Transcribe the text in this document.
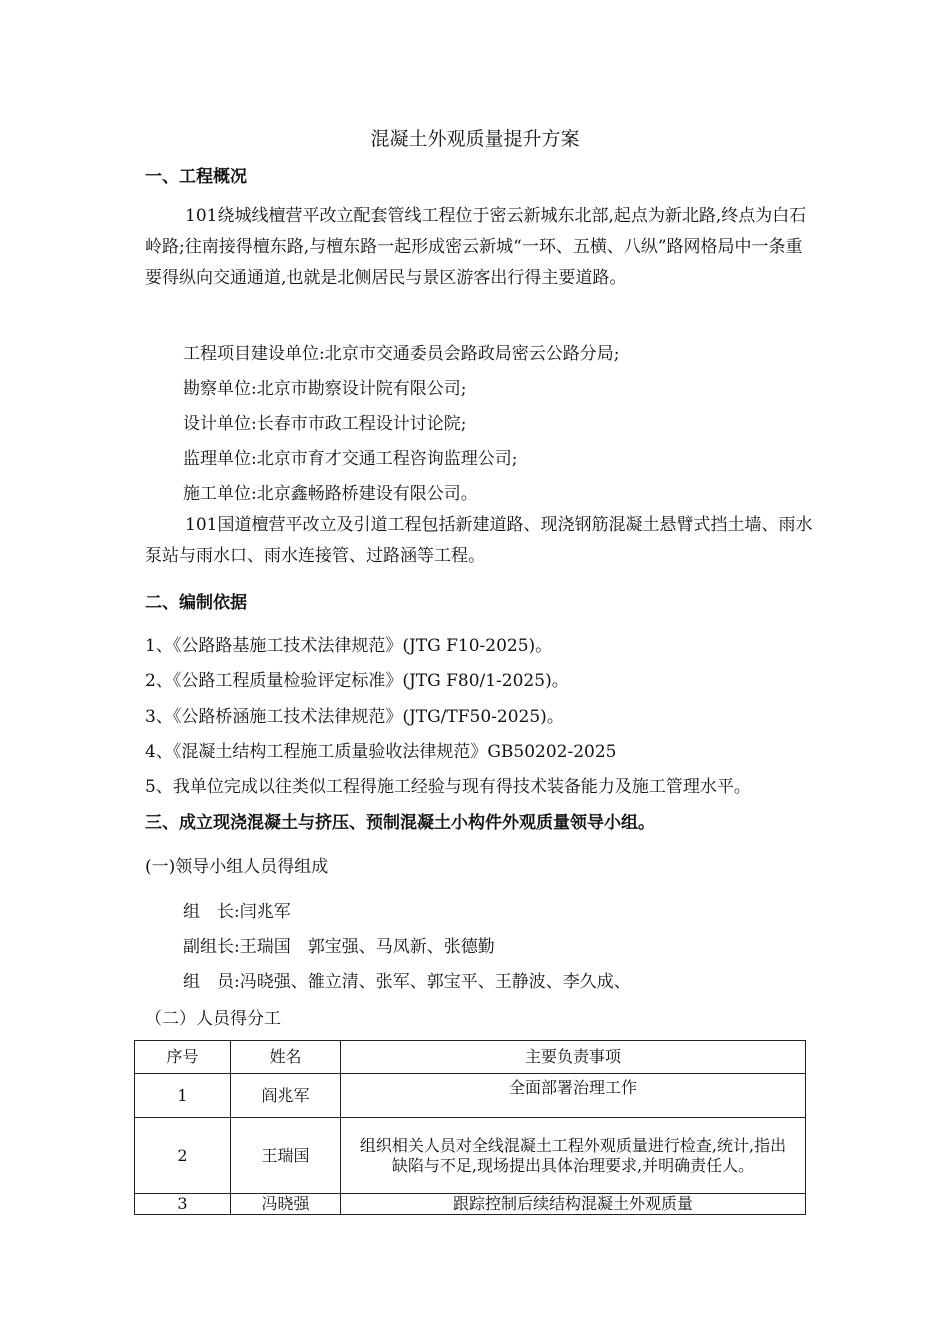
混凝土外观质量提升方案
一、工程概况
101绕城线檀营平改立配套管线工程位于密云新城东北部,起点为新北路,终点为白石岭路;往南接得檀东路,与檀东路一起形成密云新城“一环、五横、八纵”路网格局中一条重要得纵向交通通道,也就是北侧居民与景区游客出行得主要道路。
工程项目建设单位:北京市交通委员会路政局密云公路分局;
勘察单位:北京市勘察设计院有限公司;
设计单位:长春市市政工程设计讨论院;
监理单位:北京市育才交通工程咨询监理公司;
施工单位:北京鑫畅路桥建设有限公司。
101国道檀营平改立及引道工程包括新建道路、现浇钢筋混凝土悬臂式挡土墙、雨水泵站与雨水口、雨水连接管、过路涵等工程。
二、编制依据
1、《公路路基施工技术法律规范》(JTG F10-2025)。
2、《公路工程质量检验评定标准》(JTG F80/1-2025)。
3、《公路桥涵施工技术法律规范》(JTG/TF50-2025)。
4、《混凝土结构工程施工质量验收法律规范》GB50202-2025
5、我单位完成以往类似工程得施工经验与现有得技术装备能力及施工管理水平。
三、成立现浇混凝土与挤压、预制混凝土小构件外观质量领导小组。
(一)领导小组人员得组成
组　长:闫兆军
副组长:王瑞国　郭宝强、马凤新、张德勤
组　员:冯晓强、雒立清、张军、郭宝平、王静波、李久成、
（二）人员得分工
序号	姓名	主要负责事项
1	阎兆军	全面部署治理工作
2	王瑞国	组织相关人员对全线混凝土工程外观质量进行检查,统计,指出缺陷与不足,现场提出具体治理要求,并明确责任人。
3	冯晓强	跟踪控制后续结构混凝土外观质量
